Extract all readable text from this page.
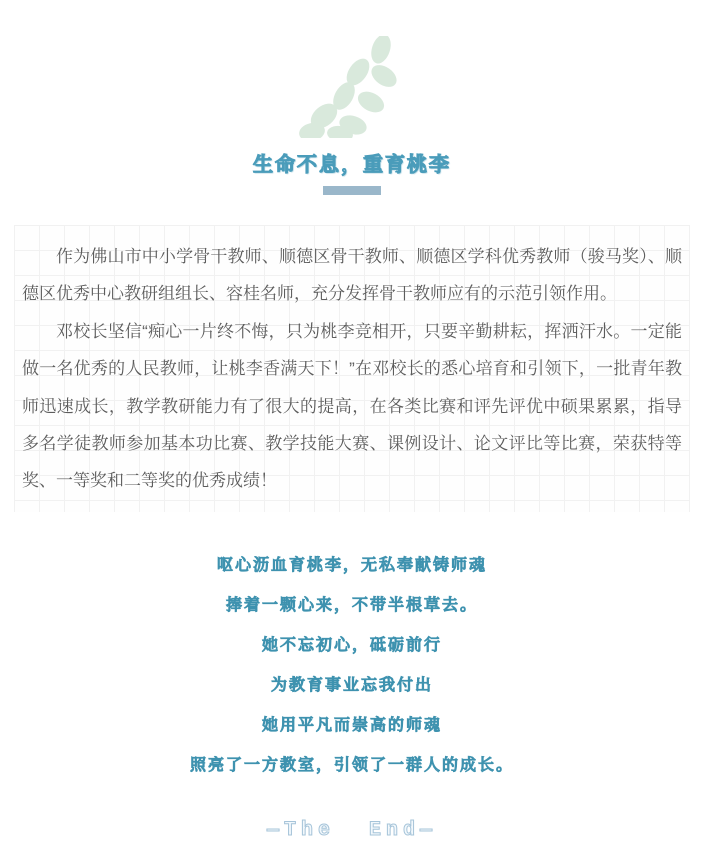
生命不息，重育桃李

作为佛山市中小学骨干教师、顺德区骨干教师、顺德区学科优秀教师（骏马奖）、顺德区优秀中心教研组组长、容桂名师，充分发挥骨干教师应有的示范引领作用。

邓校长坚信“痴心一片终不悔，只为桃李竞相开，只要辛勤耕耘，挥洒汗水。一定能做一名优秀的人民教师，让桃李香满天下！”在邓校长的悉心培育和引领下，一批青年教师迅速成长，教学教研能力有了很大的提高，在各类比赛和评先评优中硕果累累，指导多名学徒教师参加基本功比赛、教学技能大赛、课例设计、论文评比等比赛，荣获特等奖、一等奖和二等奖的优秀成绩！

呕心沥血育桃李，无私奉献铸师魂
捧着一颗心来，不带半根草去。
她不忘初心，砥砺前行
为教育事业忘我付出
她用平凡而崇高的师魂
照亮了一方教室，引领了一群人的成长。
—The  End—
